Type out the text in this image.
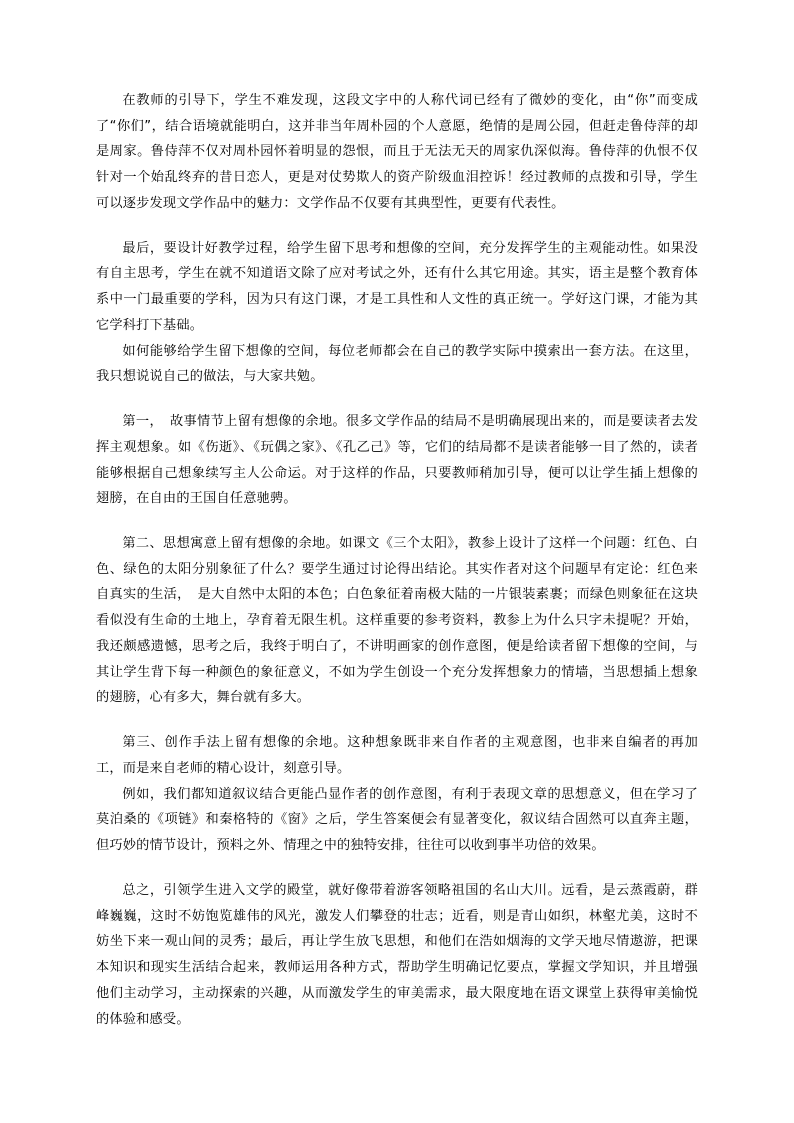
在教师的引导下，学生不难发现，这段文字中的人称代词已经有了微妙的变化，由“你”而变成了“你们”，结合语境就能明白，这并非当年周朴园的个人意愿，绝情的是周公园，但赶走鲁侍萍的却是周家。鲁侍萍不仅对周朴园怀着明显的怨恨，而且于无法无天的周家仇深似海。鲁侍萍的仇恨不仅针对一个始乱终弃的昔日恋人，更是对仗势欺人的资产阶级血泪控诉！经过教师的点拨和引导，学生可以逐步发现文学作品中的魅力：文学作品不仅要有其典型性，更要有代表性。

最后，要设计好教学过程，给学生留下思考和想像的空间，充分发挥学生的主观能动性。如果没有自主思考，学生在就不知道语文除了应对考试之外，还有什么其它用途。其实，语主是整个教育体系中一门最重要的学科，因为只有这门课，才是工具性和人文性的真正统一。学好这门课，才能为其它学科打下基础。

如何能够给学生留下想像的空间，每位老师都会在自己的教学实际中摸索出一套方法。在这里，我只想说说自己的做法，与大家共勉。

第一，　故事情节上留有想像的余地。很多文学作品的结局不是明确展现出来的，而是要读者去发挥主观想象。如《伤逝》、《玩偶之家》、《孔乙己》等，它们的结局都不是读者能够一目了然的，读者能够根据自己想象续写主人公命运。对于这样的作品，只要教师稍加引导，便可以让学生插上想像的翅膀，在自由的王国自任意驰骋。

第二、思想寓意上留有想像的余地。如课文《三个太阳》，教参上设计了这样一个问题：红色、白色、绿色的太阳分别象征了什么？要学生通过讨论得出结论。其实作者对这个问题早有定论：红色来自真实的生活，　是大自然中太阳的本色；白色象征着南极大陆的一片银装素裹；而绿色则象征在这块看似没有生命的土地上，孕育着无限生机。这样重要的参考资料，教参上为什么只字未提呢？开始，我还颇感遗憾，思考之后，我终于明白了，不讲明画家的创作意图，便是给读者留下想像的空间，与其让学生背下每一种颜色的象征意义，不如为学生创设一个充分发挥想象力的情墙，当思想插上想象的翅膀，心有多大，舞台就有多大。

第三、创作手法上留有想像的余地。这种想象既非来自作者的主观意图，也非来自编者的再加工，而是来自老师的精心设计，刻意引导。

例如，我们都知道叙议结合更能凸显作者的创作意图，有利于表现文章的思想意义，但在学习了莫泊桑的《项链》和秦格特的《窗》之后，学生答案便会有显著变化，叙议结合固然可以直奔主题，但巧妙的情节设计，预料之外、情理之中的独特安排，往往可以收到事半功倍的效果。

总之，引领学生进入文学的殿堂，就好像带着游客领略祖国的名山大川。远看，是云蒸霞蔚，群峰巍巍，这时不妨饱览雄伟的风光，激发人们攀登的壮志；近看，则是青山如织，林壑尤美，这时不妨坐下来一观山间的灵秀；最后，再让学生放飞思想，和他们在浩如烟海的文学天地尽情遨游，把课本知识和现实生活结合起来，教师运用各种方式，帮助学生明确记忆要点，掌握文学知识，并且增强他们主动学习，主动探索的兴趣，从而激发学生的审美需求，最大限度地在语文课堂上获得审美愉悦的体验和感受。
